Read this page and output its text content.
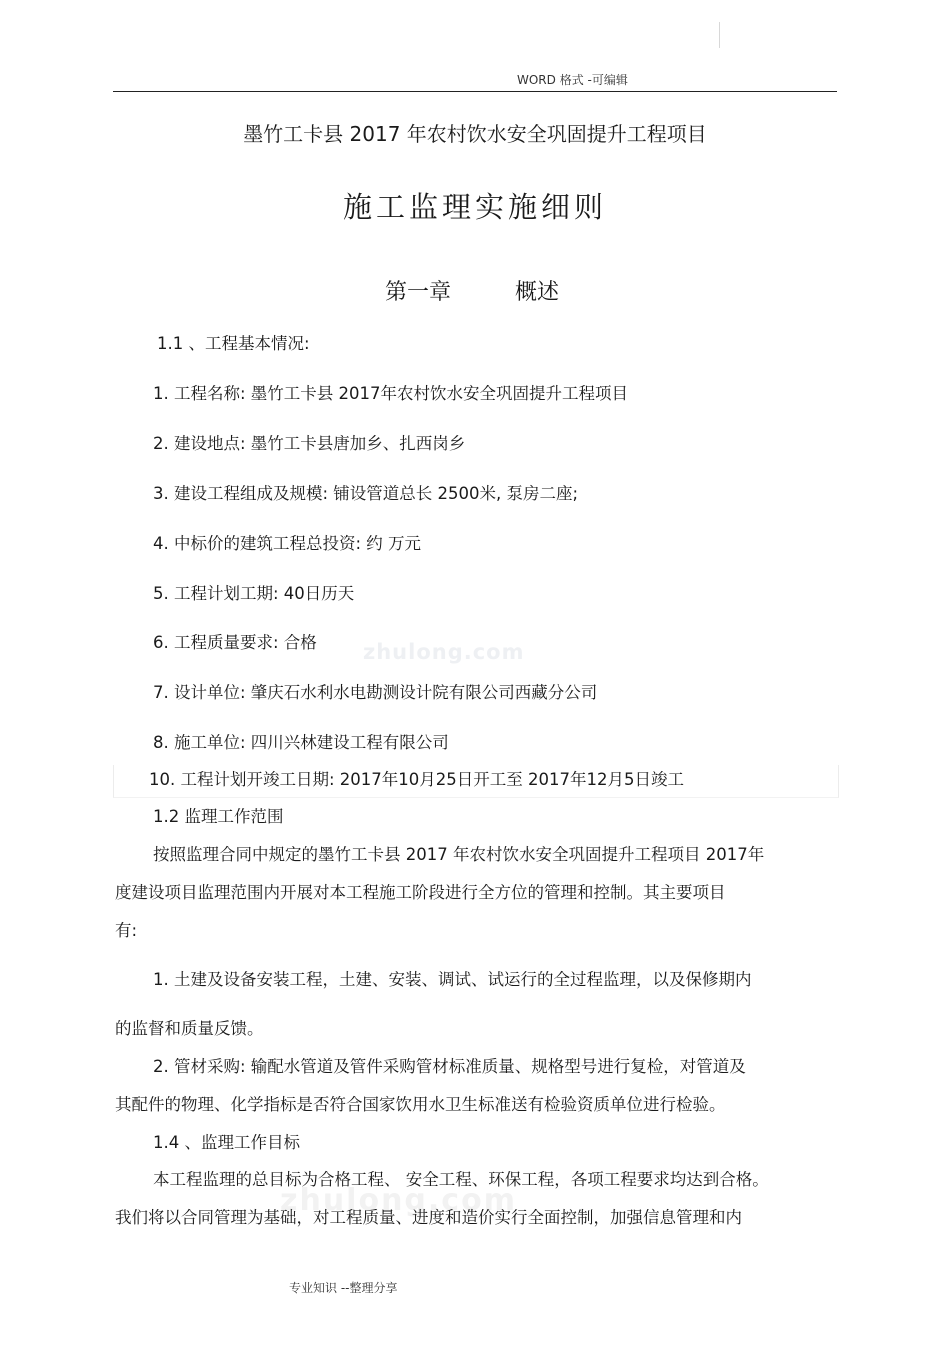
WORD 格式 -可编辑
墨竹工卡县 2017 年农村饮水安全巩固提升工程项目
施工监理实施细则
第一章	概述
1.1 、工程基本情况:
1. 工程名称: 墨竹工卡县 2017年农村饮水安全巩固提升工程项目
2. 建设地点: 墨竹工卡县唐加乡、扎西岗乡
3. 建设工程组成及规模: 铺设管道总长 2500米, 泵房二座;
4. 中标价的建筑工程总投资: 约 万元
5. 工程计划工期: 40日历天
6. 工程质量要求: 合格 zhulong.com
7. 设计单位: 肇庆石水利水电勘测设计院有限公司西藏分公司
8. 施工单位: 四川兴林建设工程有限公司
10. 工程计划开竣工日期: 2017年10月25日开工至 2017年12月5日竣工
1.2 监理工作范围
按照监理合同中规定的墨竹工卡县 2017 年农村饮水安全巩固提升工程项目 2017年
度建设项目监理范围内开展对本工程施工阶段进行全方位的管理和控制。其主要项目
有:
1. 土建及设备安装工程，土建、安装、调试、试运行的全过程监理，以及保修期内
的监督和质量反馈。
2. 管材采购: 输配水管道及管件采购管材标准质量、规格型号进行复检，对管道及
其配件的物理、化学指标是否符合国家饮用水卫生标准送有检验资质单位进行检验。
1.4 、监理工作目标
zhulong.com
本工程监理的总目标为合格工程、 安全工程、环保工程，各项工程要求均达到合格。
我们将以合同管理为基础，对工程质量、进度和造价实行全面控制，加强信息管理和内
专业知识 --整理分享
